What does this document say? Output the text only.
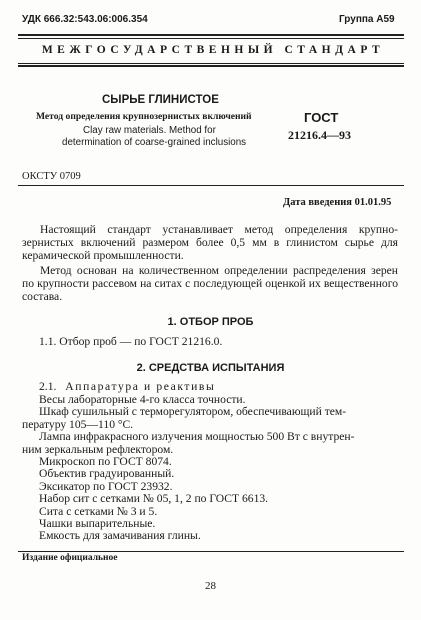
УДК 666.32:543.06:006.354	Группа А59
МЕЖГОСУДАРСТВЕННЫЙ СТАНДАРТ
СЫРЬЕ ГЛИНИСТОЕ
Метод определения крупнозернистых включений
Clay raw materials. Method for
determination of coarse-grained inclusions
ГОСТ
21216.4—93
ОКСТУ 0709
Дата введения 01.01.95
Настоящий стандарт устанавливает метод определения крупно-зернистых включений размером более 0,5 мм в глинистом сырье для керамической промышленности.
Метод основан на количественном определении распределения зерен по крупности рассевом на ситах с последующей оценкой их вещественного состава.
1. ОТБОР ПРОБ
1.1. Отбор проб — по ГОСТ 21216.0.
2. СРЕДСТВА ИСПЫТАНИЯ
2.1. Аппаратура и реактивы
Весы лабораторные 4-го класса точности.
Шкаф сушильный с терморегулятором, обеспечивающий тем-
пературу 105—110 °С.
Лампа инфракрасного излучения мощностью 500 Вт с внутрен-
ним зеркальным рефлектором.
Микроскоп по ГОСТ 8074.
Объектив градуированный.
Эксикатор по ГОСТ 23932.
Набор сит с сетками № 05, 1, 2 по ГОСТ 6613.
Сита с сетками № 3 и 5.
Чашки выпарительные.
Емкость для замачивания глины.
Издание официальное
28
